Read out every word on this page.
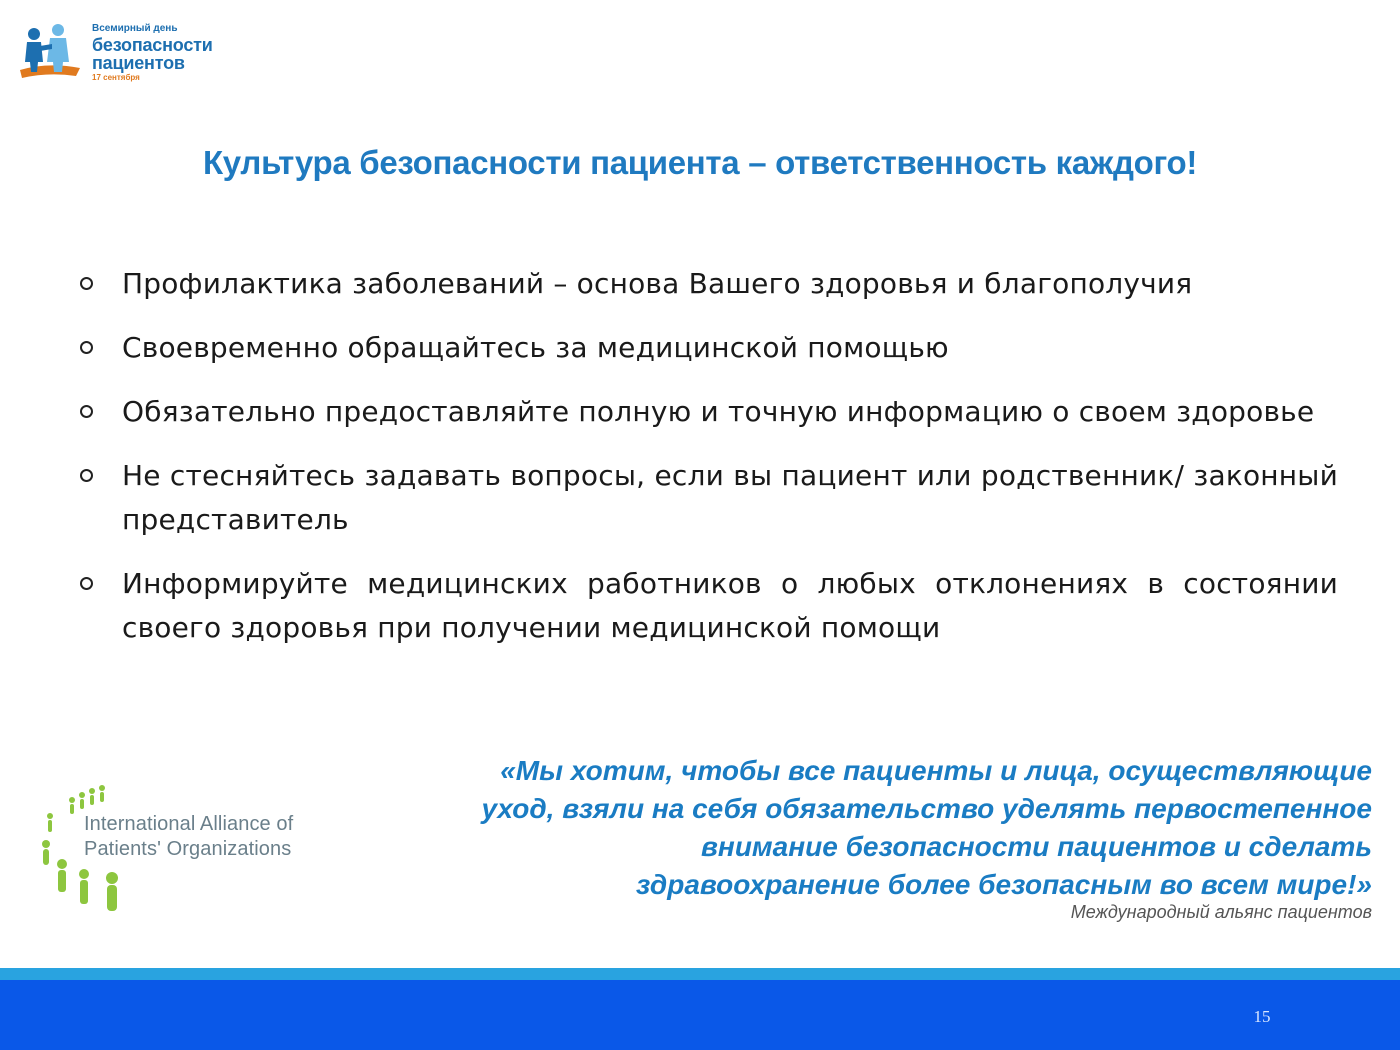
Всемирный день
безопасности
пациентов
17 сентября
Культура безопасности пациента – ответственность каждого!
Профилактика заболеваний – основа Вашего здоровья и благополучия
Своевременно обращайтесь за медицинской помощью
Обязательно предоставляйте полную и точную информацию о своем здоровье
Не стесняйтесь задавать вопросы, если вы пациент или родственник/ законный представитель
Информируйте медицинских работников о любых отклонениях в состоянии своего здоровья при получении медицинской помощи
International Alliance of
Patients' Organizations
«Мы хотим, чтобы все пациенты и лица, осуществляющие
уход, взяли на себя обязательство уделять первостепенное
внимание безопасности пациентов и сделать
здравоохранение более безопасным во всем мире!»
Международный альянс пациентов
15
